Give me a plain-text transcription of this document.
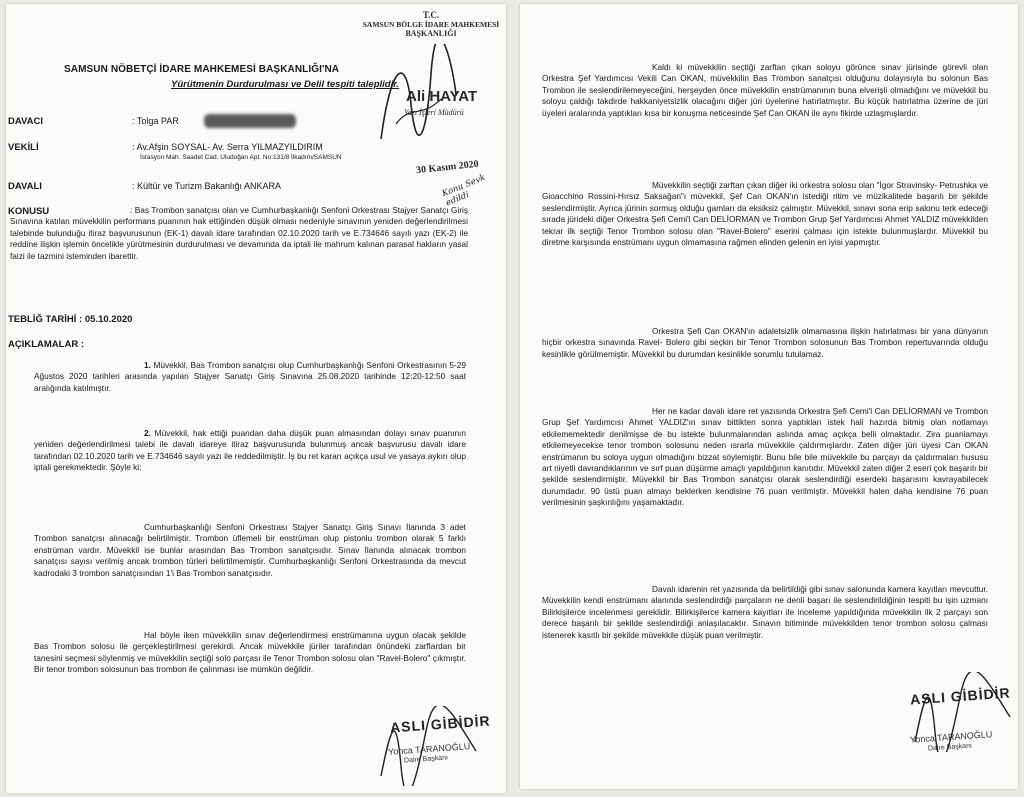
T.C.
SAMSUN BÖLGE İDARE MAHKEMESİ
BAŞKANLIĞI
Ali HAYAT
Yazı İşleri Müdürü
30 Kasım 2020
Konu Sevk edildi
SAMSUN NÖBETÇİ İDARE MAHKEMESİ BAŞKANLIĞI'NA
Yürütmenin Durdurulması ve Delil tespiti taleplidir.
DAVACI	: Tolga PAR
VEKİLİ	: Av.Afşin SOYSAL- Av. Serra YILMAZYILDIRIM
İstasyon Mah. Saadet Cad. Uludoğan Apt. No:131/8 İlkadım/SAMSUN
DAVALI	: Kültür ve Turizm Bakanlığı ANKARA
KONUSU	: Bas Trombon sanatçısı olan ve Cumhurbaşkanlığı Senfoni Orkestrası Stajyer Sanatçı Giriş Sınavına katılan müvekkilin performans puanının hak ettiğinden düşük olması nedeniyle sınavının yeniden değerlendirilmesi talebinde bulunduğu itiraz başvurusunun (EK-1) davalı idare tarafından 02.10.2020 tarih ve E.734646 sayılı yazı (EK-2) ile reddine ilişkin işlemin öncelikle yürütmesinin durdurulması ve devamında da iptali ile mahrum kalınan parasal hakların yasal faizi ile tazmini isteminden ibarettir.

TEBLİĞ TARİHİ : 05.10.2020
AÇIKLAMALAR :

1. Müvekkil, Bas Trombon sanatçısı olup Cumhurbaşkanlığı Senfoni Orkestrasının 5-29 Ağustos 2020 tarihleri arasında yapılan Stajyer Sanatçı Giriş Sınavına 25.08.2020 tarihinde 12:20-12:50 saat aralığında katılmıştır.

2. Müvekkil, hak ettiği puandan daha düşük puan almasından dolayı sınav puanının yeniden değerlendirilmesi talebi ile davalı idareye itiraz başvurusunda bulunmuş ancak başvurusu davalı idare tarafından 02.10.2020 tarih ve E.734646 sayılı yazı ile reddedilmiştir. İş bu ret kararı açıkça usul ve yasaya aykırı olup iptali gerekmektedir. Şöyle ki;

Cumhurbaşkanlığı Senfoni Orkestrası Stajyer Sanatçı Giriş Sınavı İlanında 3 adet Trombon sanatçısı alınacağı belirtilmiştir. Trombon üflemeli bir enstrüman olup pistonlu trombon olarak 5 farklı enstrüman vardır. Müvekkil ise bunlar arasından Bas Trombon sanatçısıdır. Sınav İlanında alınacak trombon sanatçısı sayısı verilmiş ancak trombon türleri belirtilmemiştir. Cumhurbaşkanlığı Senfoni Orkestrasında da mevcut kadrodaki 3 trombon sanatçısından 1'i Bas Trombon sanatçısıdır.

Hal böyle iken müvekkilin sınav değerlendirmesi enstrümanına uygun olacak şekilde Bas Trombon solosu ile gerçekleştirilmesi gerekirdi. Ancak müvekkile jüriler tarafından önündeki zarflardan bir tanesini seçmesi söylenmiş ve müvekkilin seçtiği solo parçası ile Tenor Trombon solosu olan "Ravel-Bolero" çıkmıştır. Bir tenor trombon solosunun bas trombon ile çalınması ise mümkün değildir.

ASLI GİBİDİR
Yonca TARANOĞLU
Daire Başkanı

Kaldı ki müvekkilin seçtiği zarftan çıkan soloyu görünce sınav jürisinde görevli olan Orkestra Şef Yardımcısı Vekili Can OKAN, müvekkilin Bas Trombon sanatçısı olduğunu dolayısıyla bu solonun Bas Trombon ile seslendirilemeyeceğini, herşeyden önce müvekkilin enstrümanının buna elverişli olmadığını ve müvekkil bu soloyu çaldığı takdirde hakkaniyetsizlik olacağını diğer jüri üyelerine hatırlatmıştır. Bu küçük hatırlatma üzerine de jüri üyeleri aralarında yaptıkları kısa bir konuşma neticesinde Şef Can OKAN ile aynı fikirde uzlaşmışlardır.

Müvekkilin seçtiği zarftan çıkan diğer iki orkestra solosu olan "İgor Stravinsky- Petrushka ve Gioacchino Rossini-Hırsız Saksağan"ı müvekkil, Şef Can OKAN'ın istediği ritim ve müzikalitede başarılı bir şekilde seslendirmiştir. Ayrıca jürinin sormuş olduğu gamları da eksiksiz çalmıştır. Müvekkil, sınavı sona erip salonu terk edeceği sırada jürideki diğer Orkestra Şefi Cemi'l Can DELİORMAN ve Trombon Grup Şef Yardımcısı Ahmet YALDIZ müvekkilden tekrar ilk seçtiği Tenor Trombon solosu olan "Ravel-Bolero" eserini çalması için istekte bulunmuşlardır. Müvekkil bu diretme karşısında enstrümanı uygun olmamasına rağmen elinden gelenin en iyisi yapmıştır.

Orkestra Şefi Can OKAN'ın adaletsizlik olmamasına ilişkin hatırlatması bir yana dünyanın hiçbir orkestra sınavında Ravel- Bolero gibi seçkin bir Tenor Trombon solosunun Bas Trombon repertuvarında olduğu kesinlikle görülmemiştir. Müvekkil bu durumdan kesinlikle sorumlu tutulamaz.

Her ne kadar davalı idare ret yazısında Orkestra Şefi Cemi'l Can DELİORMAN ve Trombon Grup Şef Yardımcısı Ahmet YALDIZ'ın sınav bittikten sonra yaptıkları istek hali hazırda bitmiş olan notlamayı etkilememektedir denilmişse de bu istekte bulunmalarından aslında amaç açıkça belli olmaktadır. Zira puanlamayı etkilemeyecekse tenor trombon solosunu neden ısrarla müvekkile çaldırmışlardır. Zaten diğer jüri üyesi Can OKAN enstrümanın bu soloya uygun olmadığını bizzat söylemiştir. Bunu bile bile müvekkile bu parçayı da çaldırmaları hususu art niyetli davrandıklarının ve sırf puan düşürme amaçlı yapıldığının kanıtıdır. Müvekkil zaten diğer 2 eseri çok başarılı bir şekilde seslendirmiştir. Müvekkil bir Bas Trombon sanatçısı olarak seslendirdiği eserdeki başarısını kavrayabilecek durumdadır. 90 üstü puan almayı beklerken kendisine 76 puan verilmiştir. Müvekkil halen daha kendisine 76 puan verilmesinin şaşkınlığını yaşamaktadır.

Davalı idarenin ret yazısında da belirtildiği gibi sınav salonunda kamera kayıtları mevcuttur. Müvekkilin kendi enstrümanı alanında seslendirdiği parçaların ne denli başarı ile seslendirildiğinin tespiti bu işin uzmanı Bilirkişilerce incelenmesi gereklidir. Bilirkişilerce kamera kayıtları ile inceleme yapıldığında müvekkilin ilk 2 parçayı son derece başarılı bir şekilde seslendirdiği anlaşılacaktır. Sınavın bitiminde müvekkilden tenor trombon solosu çalması istenerek kasıtlı bir şekilde müvekkile düşük puan verilmiştir.

ASLI GİBİDİR
Yonca TARANOĞLU
Daire Başkanı
